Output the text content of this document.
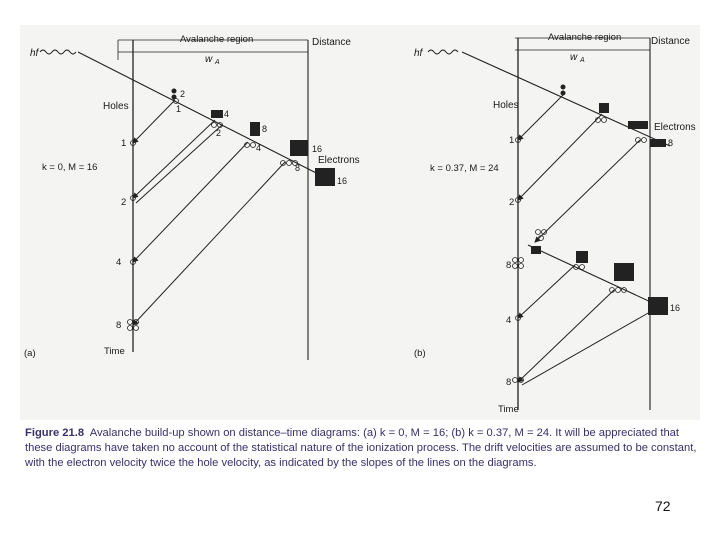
hf
Avalanche region	Distance
w A
2
4
8
16
1
2
4
8
16
Holes
Electrons
k = 0, M = 16
1
2
4
8
(a)	Time
hf
Avalanche region	Distance
w A
Holes
Electrons
8
16
k = 0.37, M = 24
1
2
8
4
8
(b)
Time
Figure 21.8 Avalanche build-up shown on distance–time diagrams: (a) k = 0, M = 16; (b) k = 0.37, M = 24. It will be appreciated that these diagrams have taken no account of the statistical nature of the ionization process. The drift velocities are assumed to be constant, with the electron velocity twice the hole velocity, as indicated by the slopes of the lines on the diagrams.
72
